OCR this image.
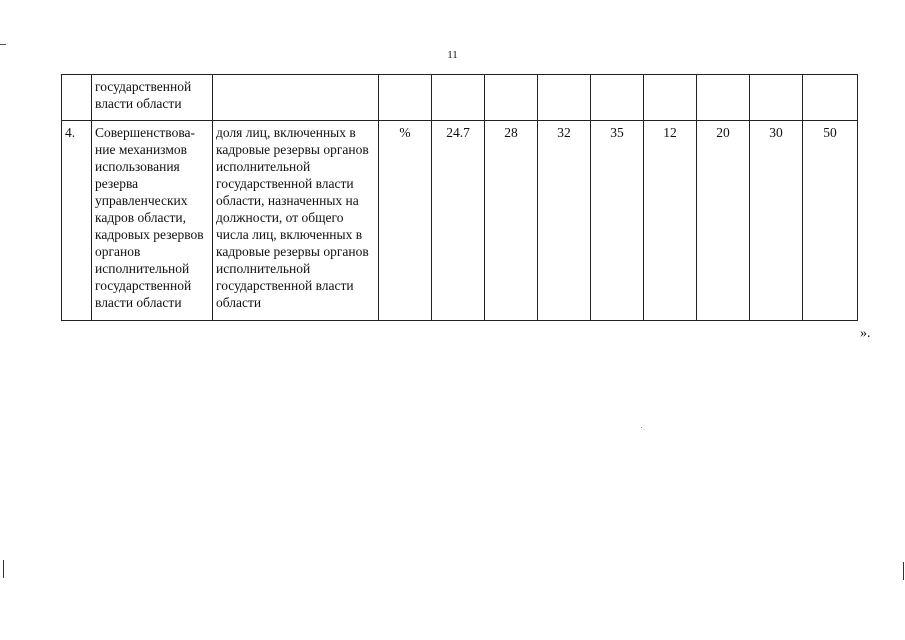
11
	государственной власти области										
4.	Совершенствова-ние механизмов использования резерва управленческих кадров области, кадровых резервов органов исполнительной государственной власти области	доля лиц, включенных в кадровые резервы органов исполнительной государственной власти области, назначенных на должности, от общего числа лиц, включенных в кадровые резервы органов исполнительной государственной власти области	%	24.7	28	32	35	12	20	30	50
».
